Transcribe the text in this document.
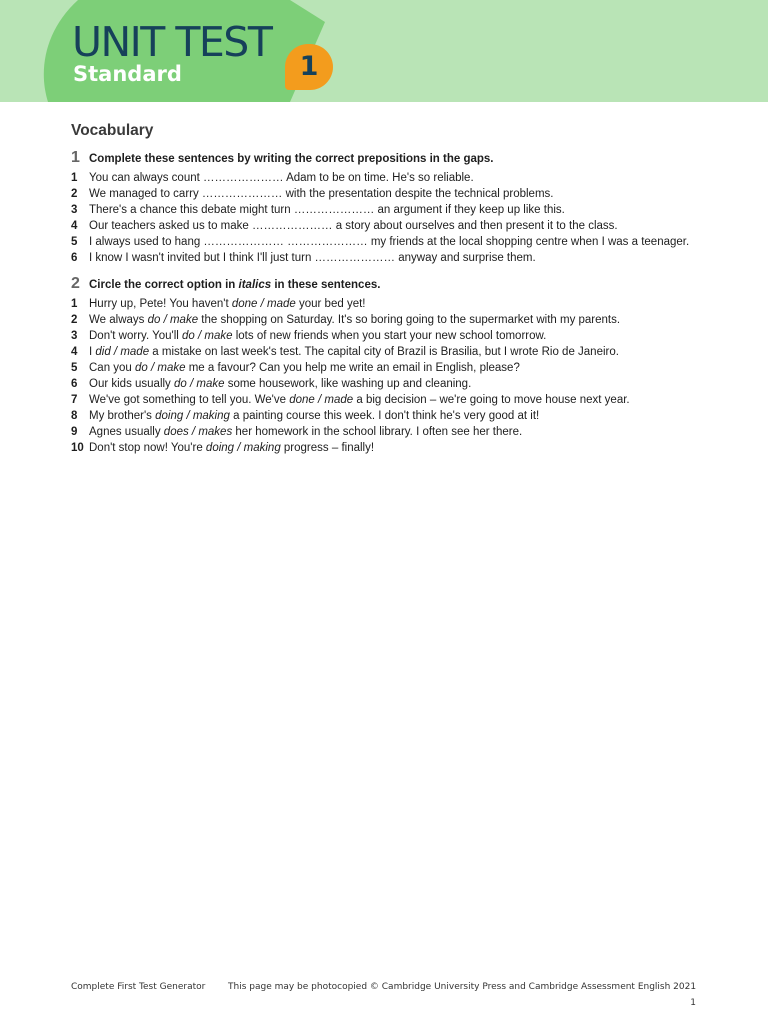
UNIT TEST
Standard	1
Vocabulary
1 Complete these sentences by writing the correct prepositions in the gaps.
1	You can always count ………………… Adam to be on time. He's so reliable.
2	We managed to carry ………………… with the presentation despite the technical problems.
3	There's a chance this debate might turn ………………… an argument if they keep up like this.
4	Our teachers asked us to make ………………… a story about ourselves and then present it to the class.
5	I always used to hang ………………… ………………… my friends at the local shopping centre when I was a teenager.
6	I know I wasn't invited but I think I'll just turn ………………… anyway and surprise them.
2 Circle the correct option in italics in these sentences.
1	Hurry up, Pete! You haven't done / made your bed yet!
2	We always do / make the shopping on Saturday. It's so boring going to the supermarket with my parents.
3	Don't worry. You'll do / make lots of new friends when you start your new school tomorrow.
4	I did / made a mistake on last week's test. The capital city of Brazil is Brasilia, but I wrote Rio de Janeiro.
5	Can you do / make me a favour? Can you help me write an email in English, please?
6	Our kids usually do / make some housework, like washing up and cleaning.
7	We've got something to tell you. We've done / made a big decision – we're going to move house next year.
8	My brother's doing / making a painting course this week. I don't think he's very good at it!
9	Agnes usually does / makes her homework in the school library. I often see her there.
10 Don't stop now! You're doing / making progress – finally!
Complete First Test Generator	This page may be photocopied © Cambridge University Press and Cambridge Assessment English 2021
1
